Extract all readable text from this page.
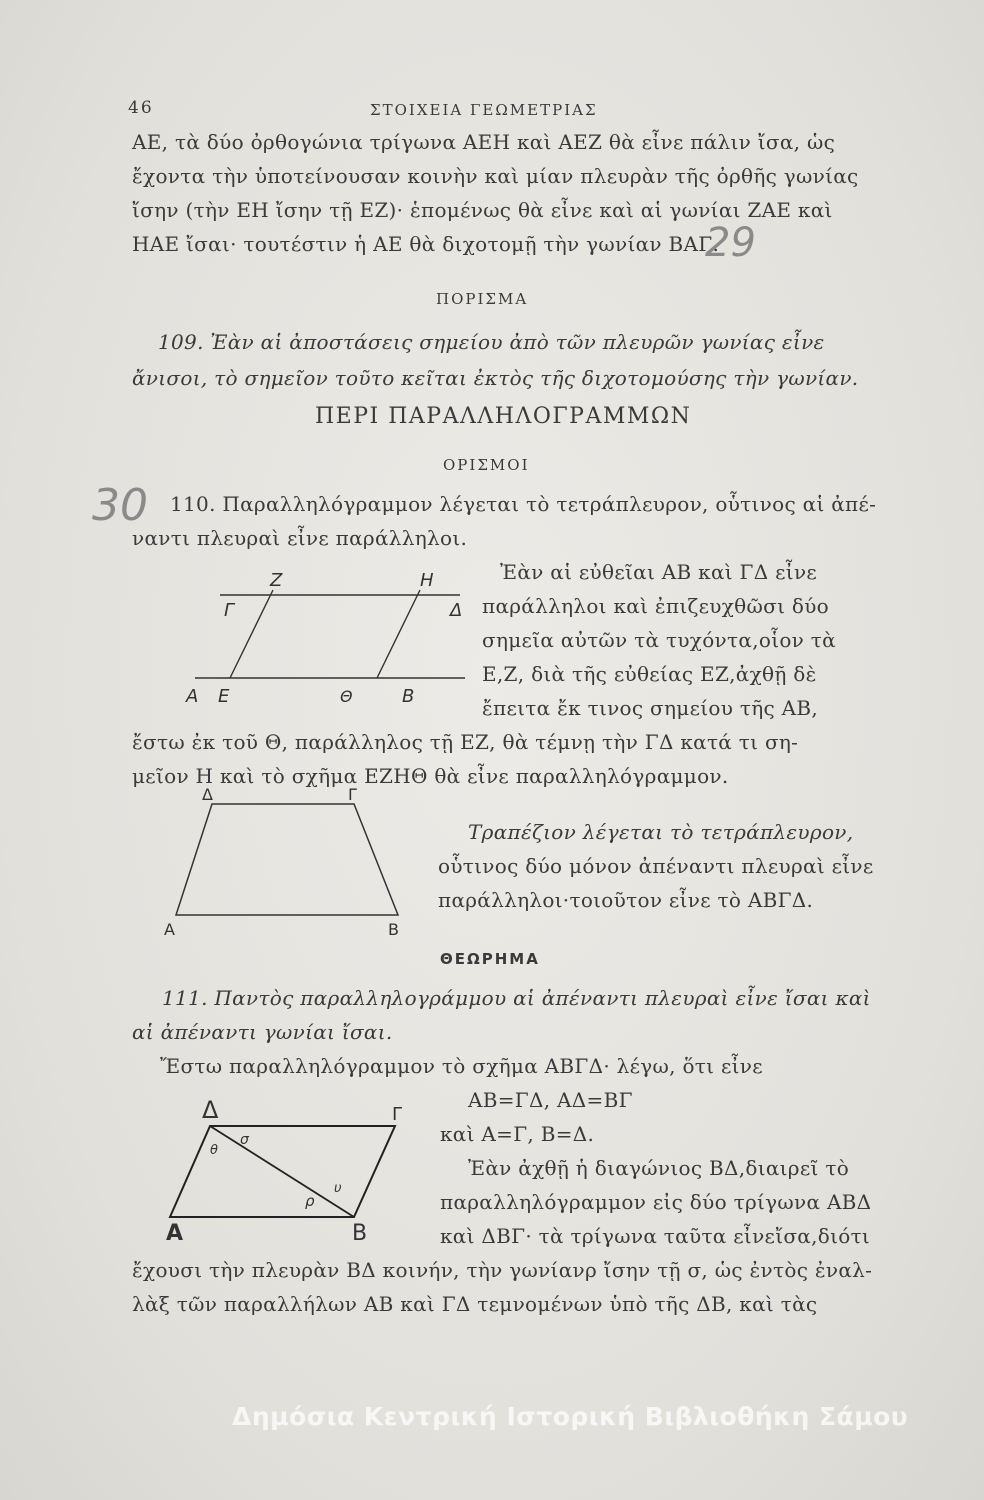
46	ΣΤΟΙΧΕΙΑ ΓΕΩΜΕΤΡΙΑΣ
ΑΕ, τὰ δύο ὀρθογώνια τρίγωνα ΑΕΗ καὶ ΑΕΖ θὰ εἶνε πάλιν ἴσα, ὡς
ἔχοντα τὴν ὑποτείνουσαν κοινὴν καὶ μίαν πλευρὰν τῆς ὀρθῆς γωνίας
ἴσην (τὴν ΕΗ ἴσην τῇ ΕΖ)· ἑπομένως θὰ εἶνε καὶ αἱ γωνίαι ΖΑΕ καὶ
ΗΑΕ ἴσαι· τουτέστιν ἡ ΑΕ θὰ διχοτομῇ τὴν γωνίαν ΒΑΓ.
29
ΠΟΡΙΣΜΑ
109. Ἐὰν αἱ ἀποστάσεις σημείου ἀπὸ τῶν πλευρῶν γωνίας εἶνε
ἄνισοι, τὸ σημεῖον τοῦτο κεῖται ἐκτὸς τῆς διχοτομούσης τὴν γωνίαν.
ΠΕΡΙ ΠΑΡΑΛΛΗΛΟΓΡΑΜΜΩΝ
ΟΡΙΣΜΟΙ
30 110. Παραλληλόγραμμον λέγεται τὸ τετράπλευρον, οὗτινος αἱ ἀπέ-
ναντι πλευραὶ εἶνε παράλληλοι.
Ἐὰν αἱ εὐθεῖαι ΑΒ καὶ ΓΔ εἶνε
παράλληλοι καὶ ἐπιζευχθῶσι δύο
σημεῖα αὐτῶν τὰ τυχόντα,οἷον τὰ
Ε,Ζ, διὰ τῆς εὐθείας ΕΖ,ἀχθῇ δὲ
ἔπειτα ἔκ τινος σημείου τῆς ΑΒ,
ἔστω ἐκ τοῦ Θ, παράλληλος τῇ ΕΖ, θὰ τέμνῃ τὴν ΓΔ κατά τι ση-
μεῖον Η καὶ τὸ σχῆμα ΕΖΗΘ θὰ εἶνε παραλληλόγραμμον.
Z	H
Γ	Δ
A E	Θ	B
Τραπέζιον λέγεται τὸ τετράπλευρον,
οὗτινος δύο μόνον ἀπέναντι πλευραὶ εἶνε
παράλληλοι·τοιοῦτον εἶνε τὸ ΑΒΓΔ.
Δ	Γ
A	B
ΘΕΩΡΗΜΑ
111. Παντὸς παραλληλογράμμου αἱ ἀπέναντι πλευραὶ εἶνε ἴσαι καὶ
αἱ ἀπέναντι γωνίαι ἴσαι.
Ἔστω παραλληλόγραμμον τὸ σχῆμα ΑΒΓΔ· λέγω, ὅτι εἶνε
ΑΒ=ΓΔ, ΑΔ=ΒΓ
καὶ Α=Γ, Β=Δ.
Ἐὰν ἀχθῇ ἡ διαγώνιος ΒΔ,διαιρεῖ τὸ
παραλληλόγραμμον εἰς δύο τρίγωνα ΑΒΔ
καὶ ΔΒΓ· τὰ τρίγωνα ταῦτα εἶνεἴσα,διότι
ἔχουσι τὴν πλευρὰν ΒΔ κοινήν, τὴν γωνίανρ ἴσην τῇ σ, ὡς ἐντὸς ἐναλ-
λὰξ τῶν παραλλήλων ΑΒ καὶ ΓΔ τεμνομένων ὑπὸ τῆς ΔΒ, καὶ τὰς
Δ	Γ
A	B
θ
σ
ρ
υ
Δημόσια Κεντρική Ιστορική Βιβλιοθήκη Σάμου
